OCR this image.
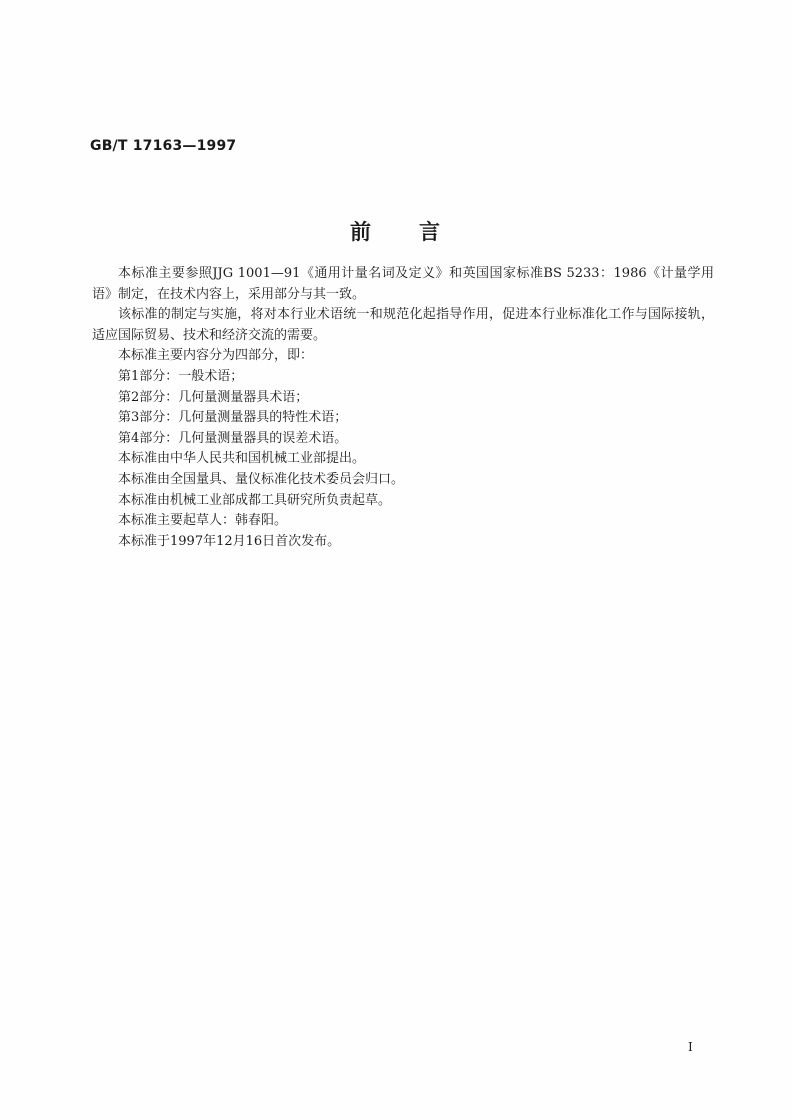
GB/T 17163—1997
前 言

本标准主要参照JJG 1001—91《通用计量名词及定义》和英国国家标准BS 5233：1986《计量学用语》制定，在技术内容上，采用部分与其一致。

该标准的制定与实施，将对本行业术语统一和规范化起指导作用，促进本行业标准化工作与国际接轨，适应国际贸易、技术和经济交流的需要。

本标准主要内容分为四部分，即：

第1部分：一般术语；

第2部分：几何量测量器具术语；

第3部分：几何量测量器具的特性术语；

第4部分：几何量测量器具的误差术语。

本标准由中华人民共和国机械工业部提出。

本标准由全国量具、量仪标准化技术委员会归口。

本标准由机械工业部成都工具研究所负责起草。

本标准主要起草人：韩春阳。

本标准于1997年12月16日首次发布。

I
